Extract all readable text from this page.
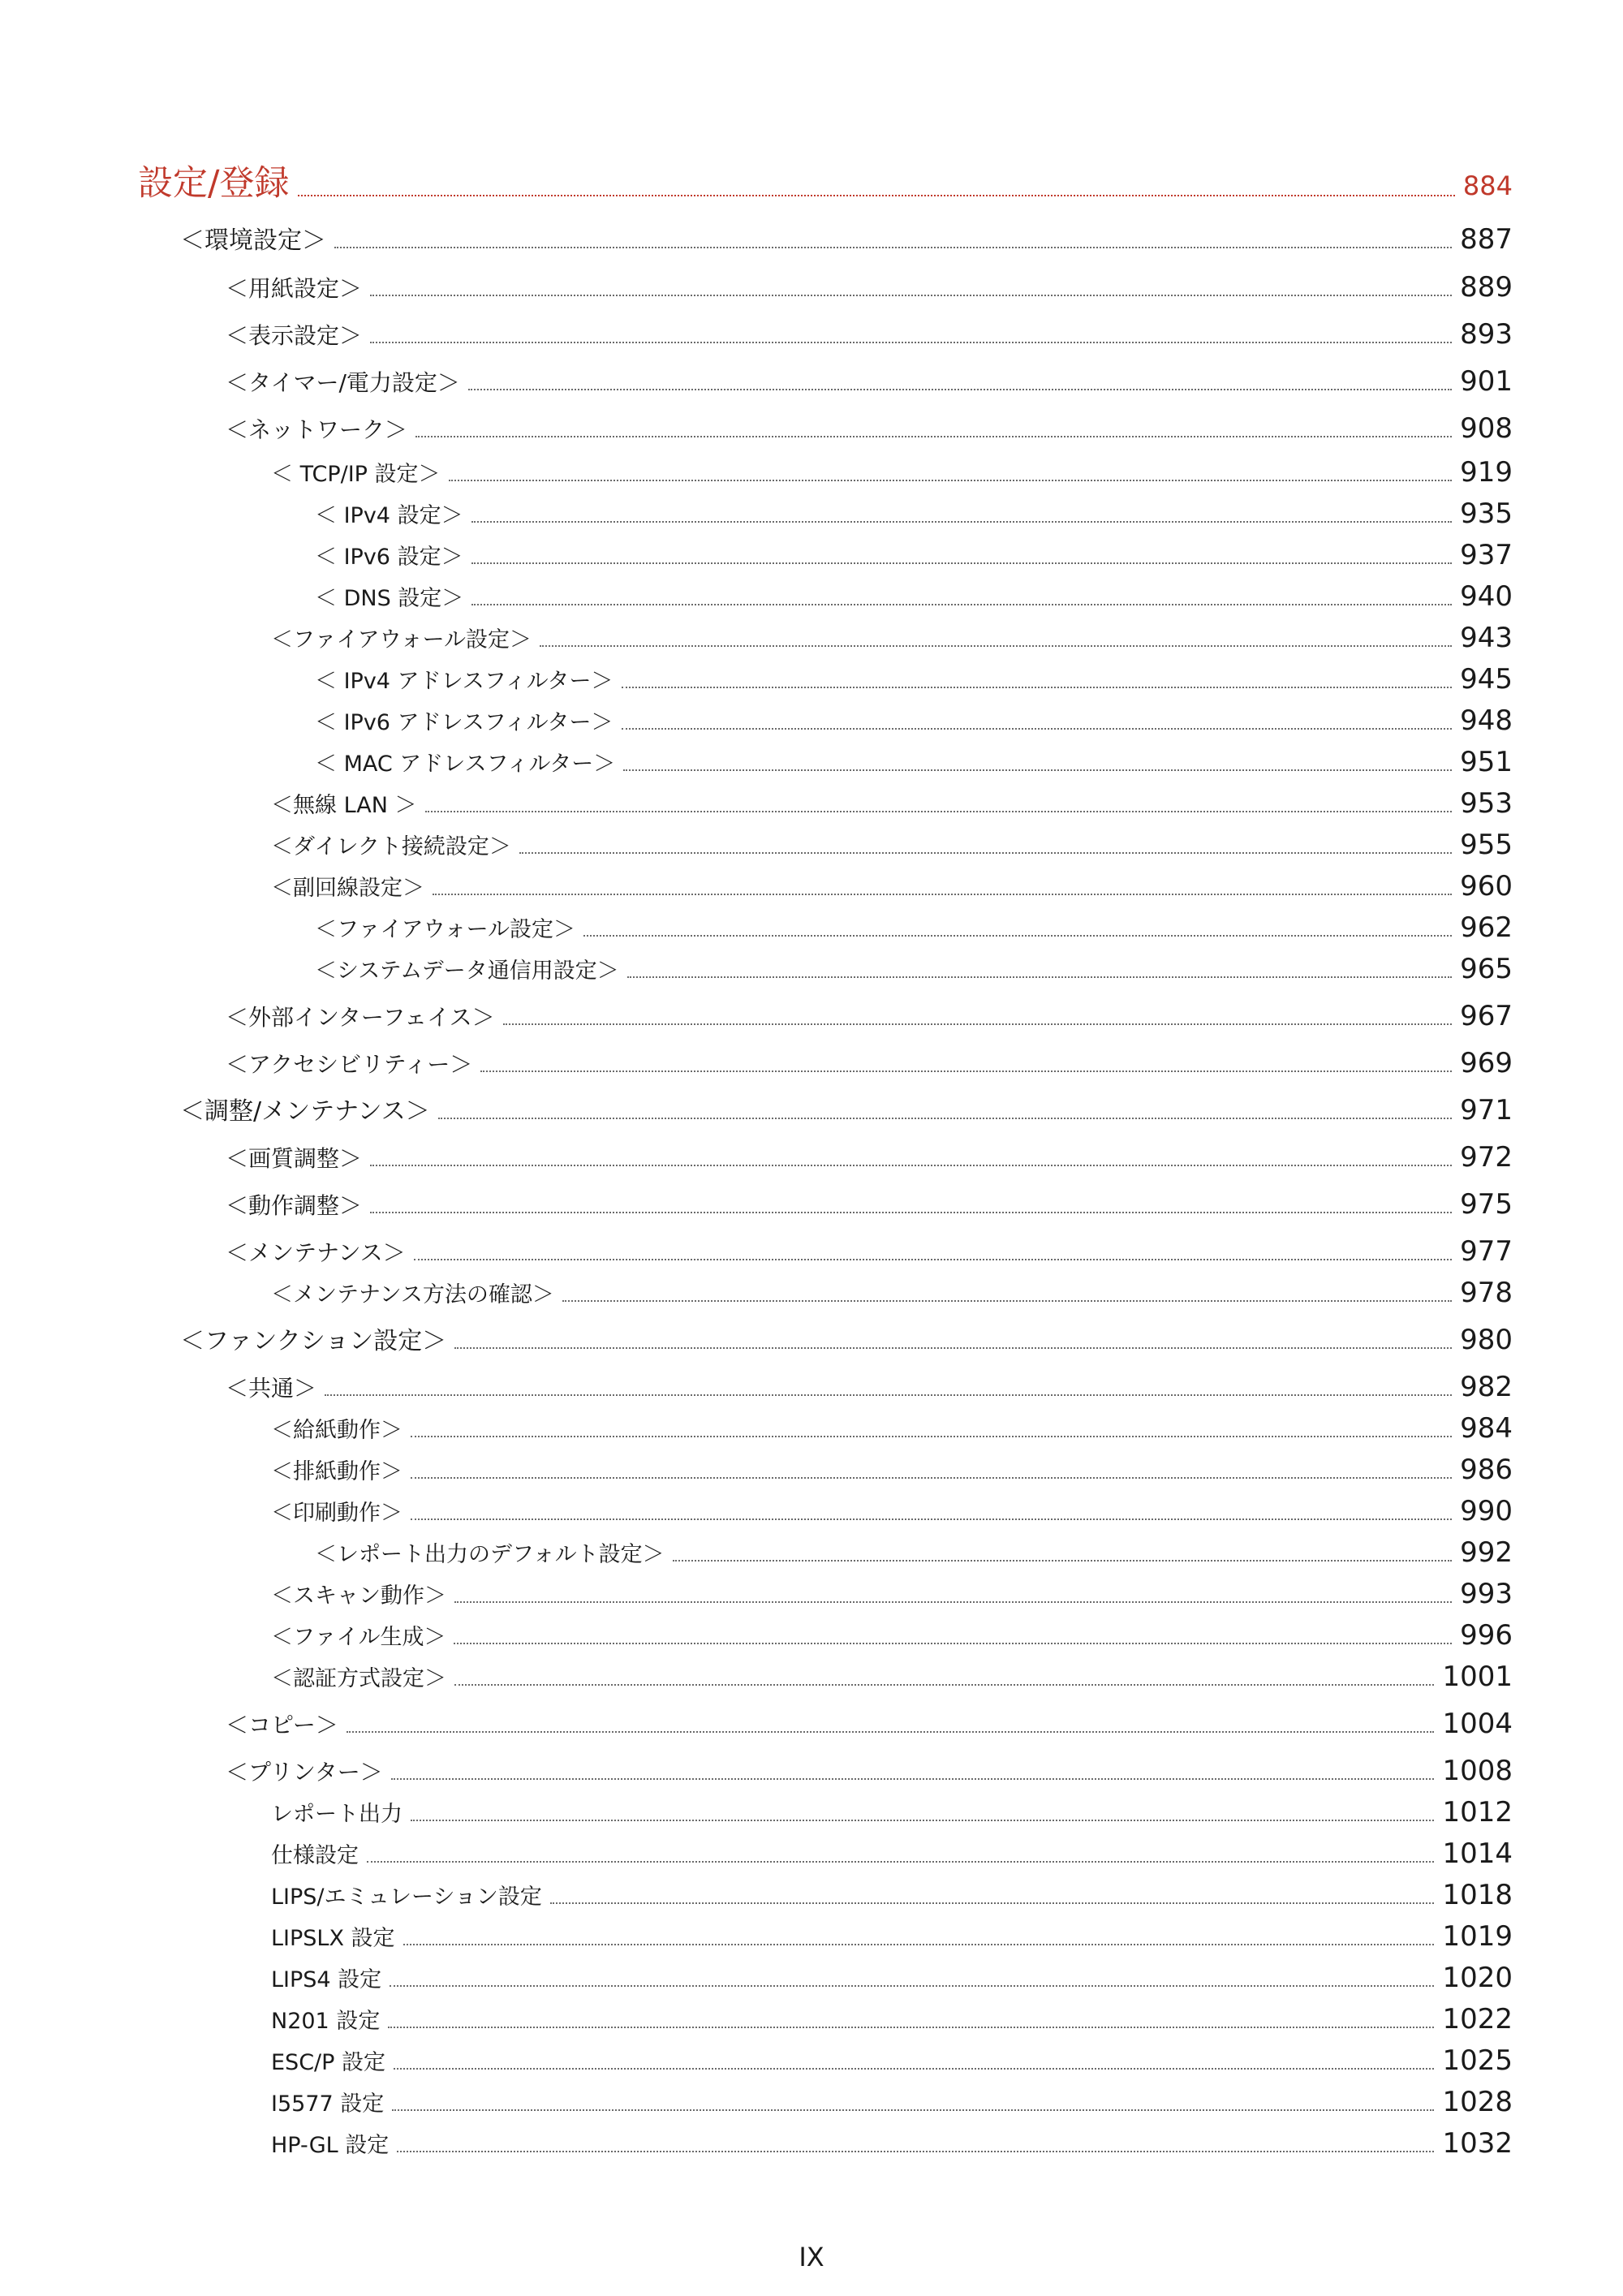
設定/登録	884
＜環境設定＞	887
＜用紙設定＞	889
＜表示設定＞	893
＜タイマー/電力設定＞	901
＜ネットワーク＞	908
＜ TCP/IP 設定＞	919
＜ IPv4 設定＞	935
＜ IPv6 設定＞	937
＜ DNS 設定＞	940
＜ファイアウォール設定＞	943
＜ IPv4 アドレスフィルター＞	945
＜ IPv6 アドレスフィルター＞	948
＜ MAC アドレスフィルター＞	951
＜無線 LAN ＞	953
＜ダイレクト接続設定＞	955
＜副回線設定＞	960
＜ファイアウォール設定＞	962
＜システムデータ通信用設定＞	965
＜外部インターフェイス＞	967
＜アクセシビリティー＞	969
＜調整/メンテナンス＞	971
＜画質調整＞	972
＜動作調整＞	975
＜メンテナンス＞	977
＜メンテナンス方法の確認＞	978
＜ファンクション設定＞	980
＜共通＞	982
＜給紙動作＞	984
＜排紙動作＞	986
＜印刷動作＞	990
＜レポート出力のデフォルト設定＞	992
＜スキャン動作＞	993
＜ファイル生成＞	996
＜認証方式設定＞	1001
＜コピー＞	1004
＜プリンター＞	1008
レポート出力	1012
仕様設定	1014
LIPS/エミュレーション設定	1018
LIPSLX 設定	1019
LIPS4 設定	1020
N201 設定	1022
ESC/P 設定	1025
I5577 設定	1028
HP-GL 設定	1032
IX
